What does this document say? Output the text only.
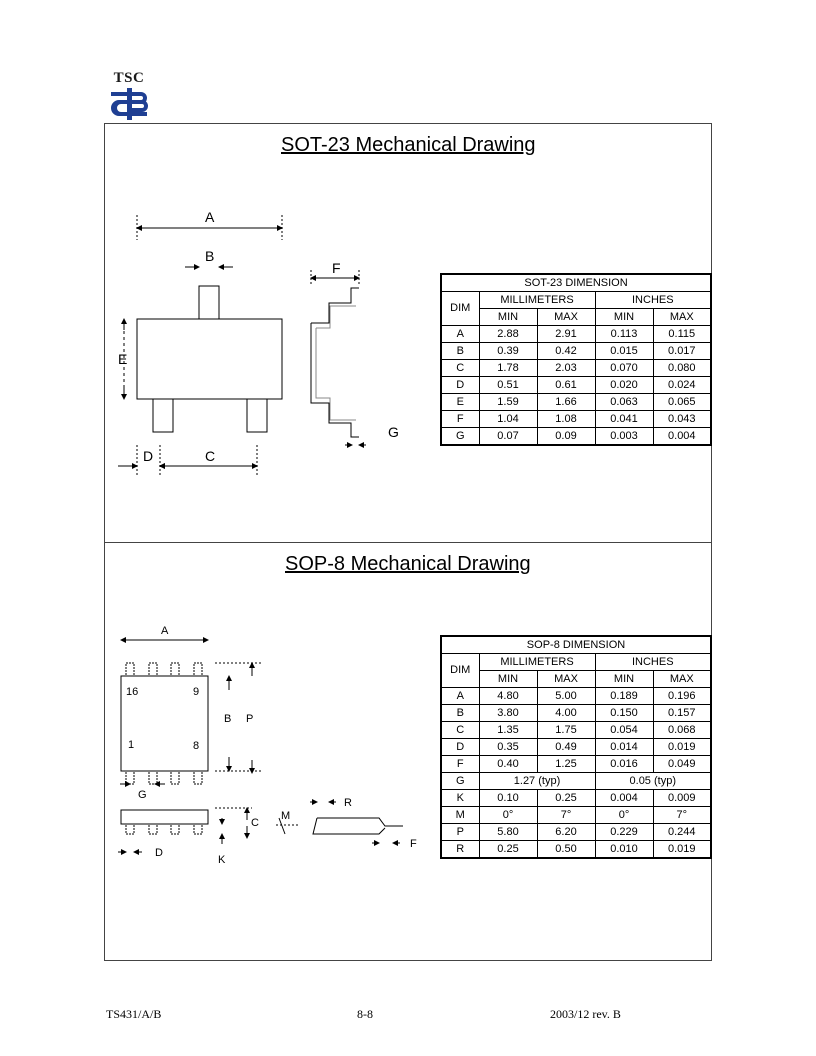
TSC
SOT-23 Mechanical Drawing
SOP-8 Mechanical Drawing
A
B
E
D	C
F
G
A
16	9
1	8
B P
G
C
M
R
F
D
K
SOT-23 DIMENSION				
DIM	MILLIMETERS		INCHES	
	MIN	MAX	MIN	MAX
A	2.88	2.91	0.113	0.115
B	0.39	0.42	0.015	0.017
C	1.78	2.03	0.070	0.080
D	0.51	0.61	0.020	0.024
E	1.59	1.66	0.063	0.065
F	1.04	1.08	0.041	0.043
G	0.07	0.09	0.003	0.004
SOP-8 DIMENSION				
DIM	MILLIMETERS		INCHES	
	MIN	MAX	MIN	MAX
A	4.80	5.00	0.189	0.196
B	3.80	4.00	0.150	0.157
C	1.35	1.75	0.054	0.068
D	0.35	0.49	0.014	0.019
F	0.40	1.25	0.016	0.049
G	1.27 (typ)		0.05 (typ)	
K	0.10	0.25	0.004	0.009
M	0°	7°	0°	7°
P	5.80	6.20	0.229	0.244
R	0.25	0.50	0.010	0.019
TS431/A/B	8-8	2003/12 rev. B
